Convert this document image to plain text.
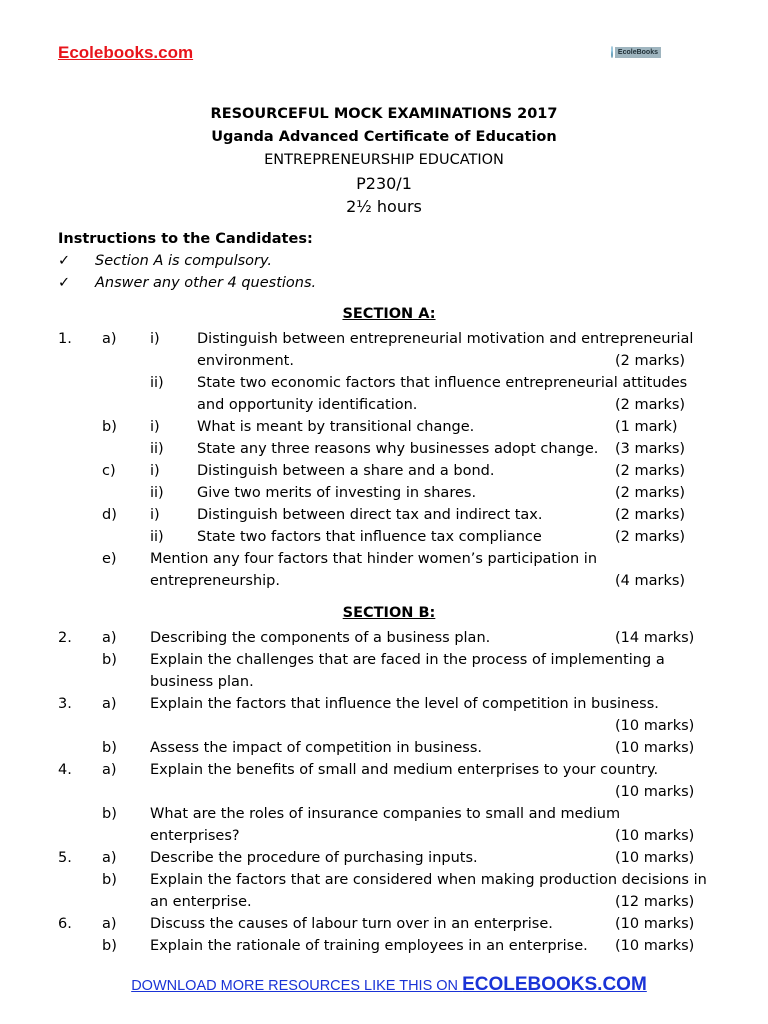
Ecolebooks.com	EcoleBooks
RESOURCEFUL MOCK EXAMINATIONS 2017
Uganda Advanced Certificate of Education
ENTREPRENEURSHIP EDUCATION
P230/1
2½ hours
Instructions to the Candidates:
✓	Section A is compulsory.
✓	Answer any other 4 questions.
SECTION A:
1. a) i)	Distinguish between entrepreneurial motivation and entrepreneurial
environment.	(2 marks)
ii) State two economic factors that influence entrepreneurial attitudes
and opportunity identification.	(2 marks)
b) i)	What is meant by transitional change.	(1 mark)
ii) State any three reasons why businesses adopt change. (3 marks)
c) i)	Distinguish between a share and a bond.	(2 marks)
ii) Give two merits of investing in shares.	(2 marks)
d) i)	Distinguish between direct tax and indirect tax.	(2 marks)
ii) State two factors that influence tax compliance	(2 marks)
e) Mention any four factors that hinder women’s participation in
entrepreneurship.	(4 marks)
SECTION B:
2. a) Describing the components of a business plan.	(14 marks)
b) Explain the challenges that are faced in the process of implementing a
business plan.
3. a) Explain the factors that influence the level of competition in business.
(10 marks)
b) Assess the impact of competition in business.	(10 marks)
4. a) Explain the benefits of small and medium enterprises to your country.
(10 marks)
b) What are the roles of insurance companies to small and medium
enterprises?	(10 marks)
5. a) Describe the procedure of purchasing inputs.	(10 marks)
b) Explain the factors that are considered when making production decisions in
an enterprise.	(12 marks)
6. a) Discuss the causes of labour turn over in an enterprise.	(10 marks)
b) Explain the rationale of training employees in an enterprise. (10 marks)
DOWNLOAD MORE RESOURCES LIKE THIS ON ECOLEBOOKS.COM
